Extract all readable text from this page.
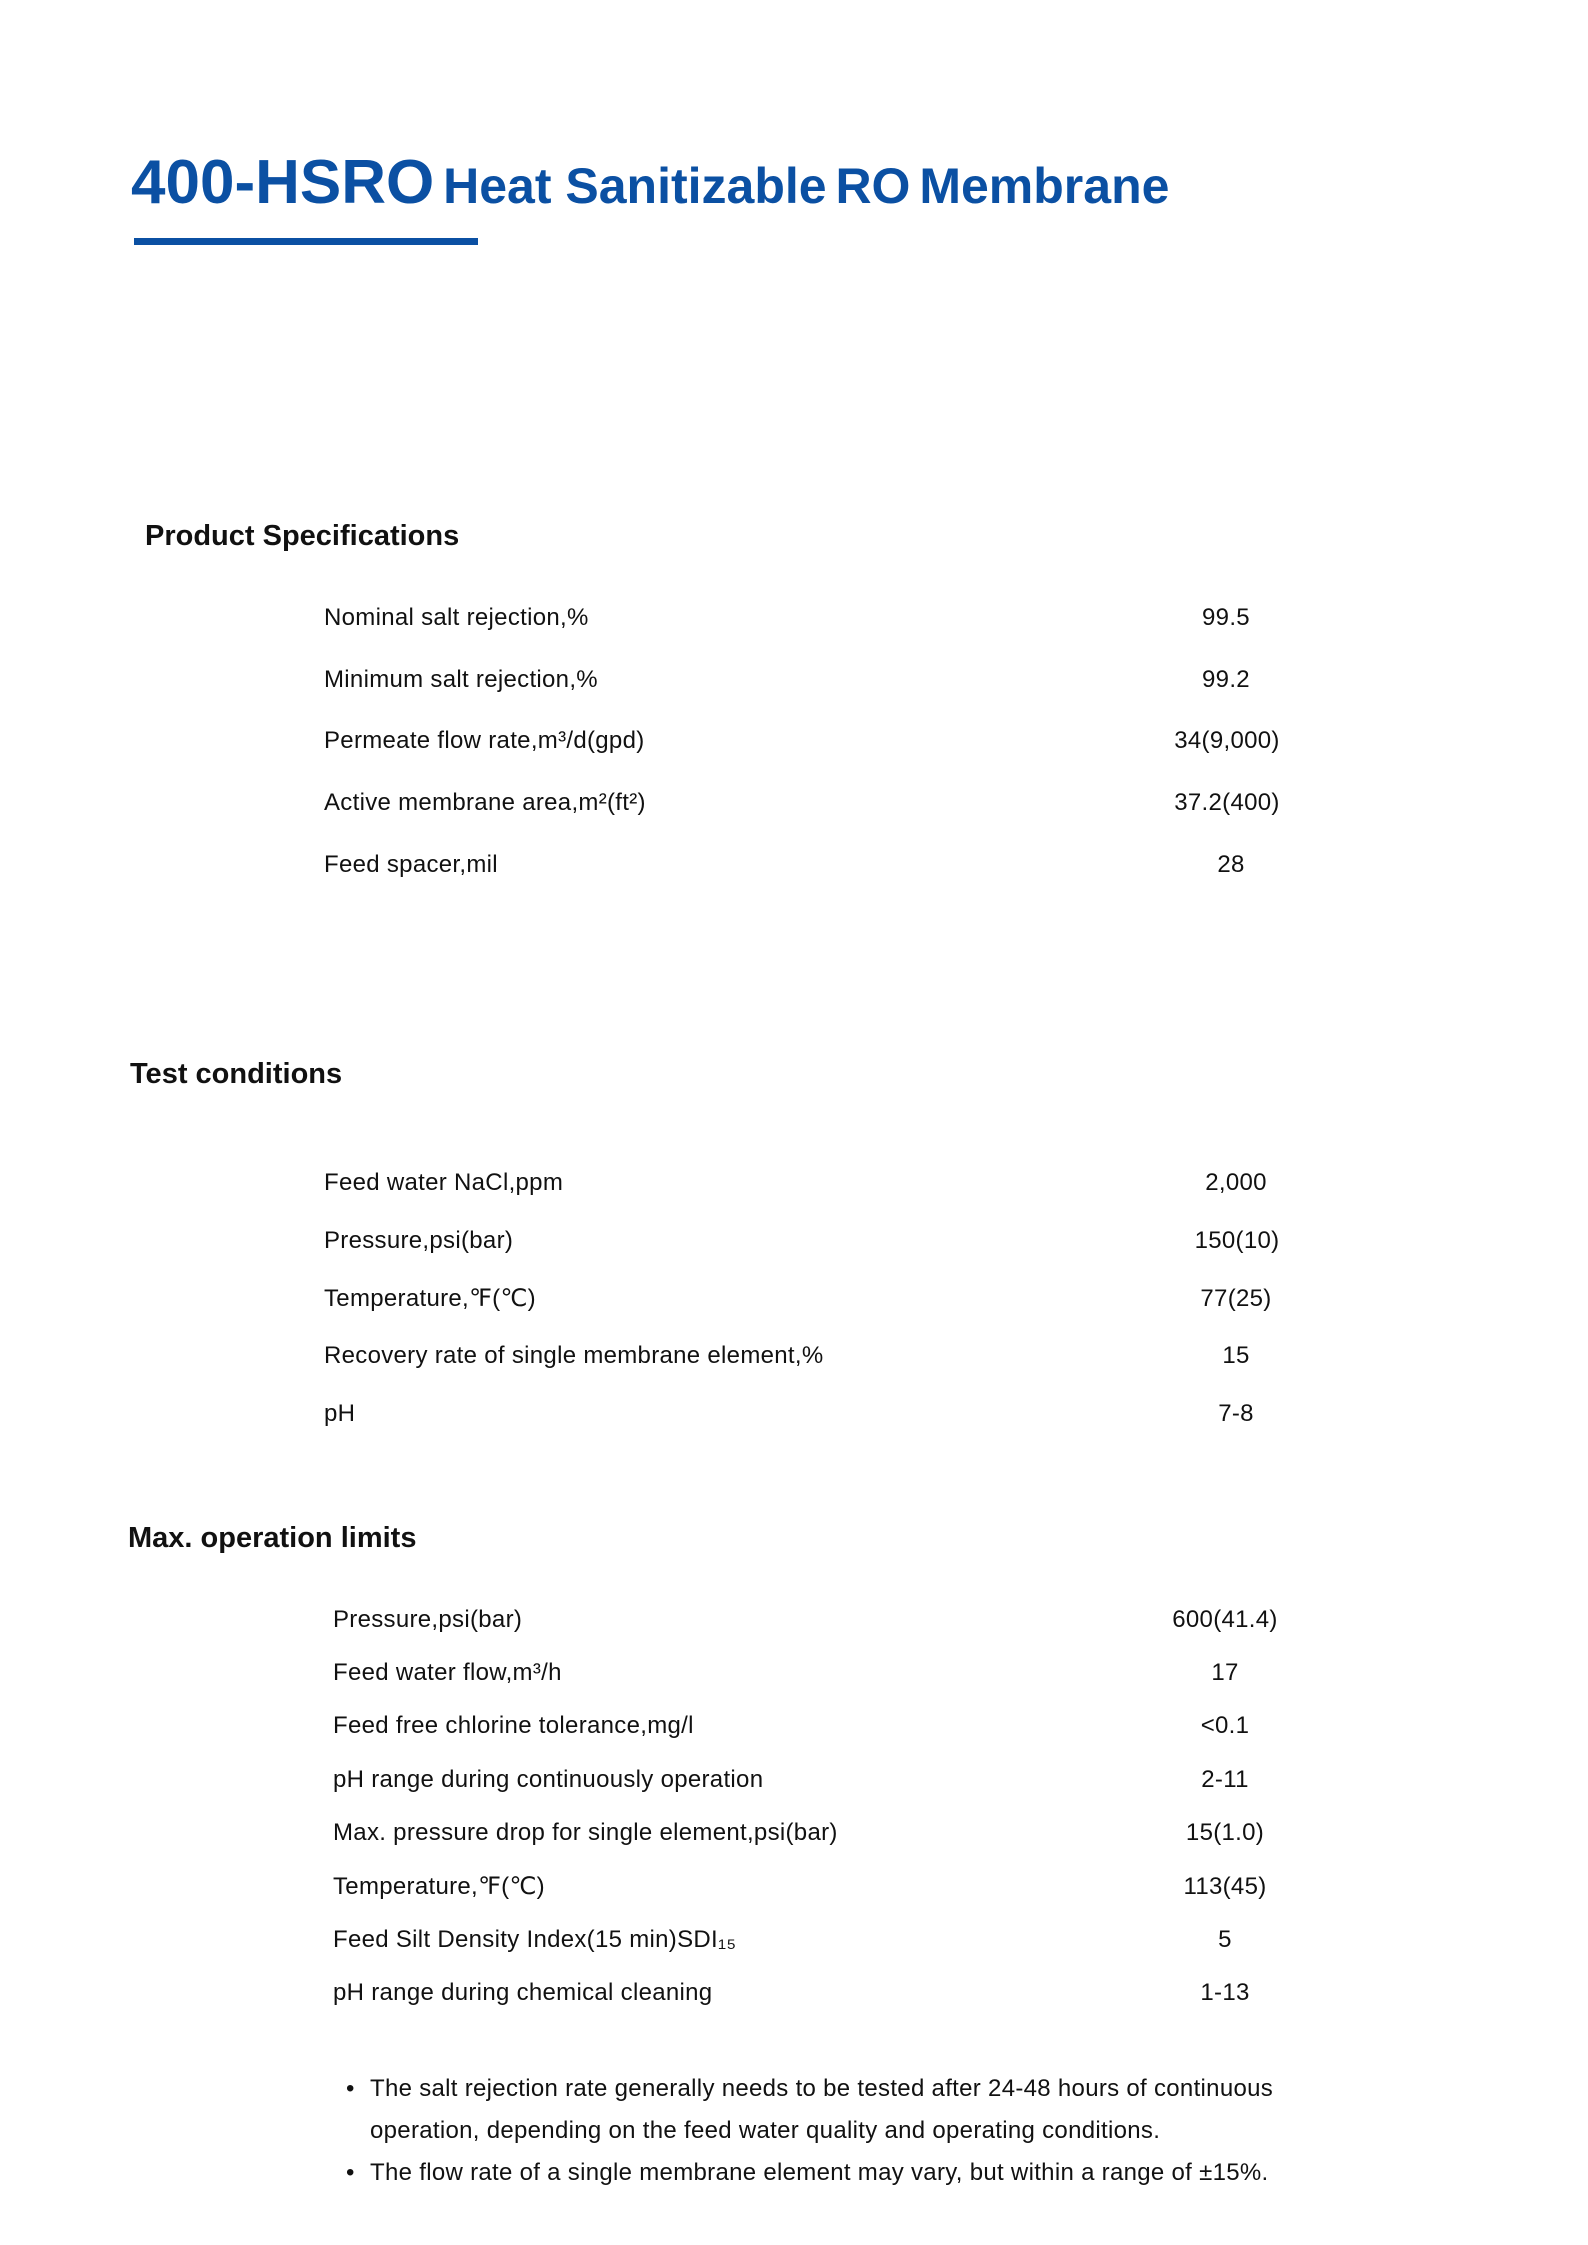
400-HSRO Heat Sanitizable RO Membrane
Product Specifications
Nominal salt rejection,%	99.5
Minimum salt rejection,%	99.2
Permeate flow rate,m³/d(gpd)	34(9,000)
Active membrane area,m²(ft²)	37.2(400)
Feed spacer,mil	28
Test conditions
Feed water NaCl,ppm	2,000
Pressure,psi(bar)	150(10)
Temperature,℉(℃)	77(25)
Recovery rate of single membrane element,%	15
pH	7-8
Max. operation limits
Pressure,psi(bar)	600(41.4)
Feed water flow,m³/h	17
Feed free chlorine tolerance,mg/l	<0.1
pH range during continuously operation	2-11
Max. pressure drop for single element,psi(bar)	15(1.0)
Temperature,℉(℃)	113(45)
Feed Silt Density Index(15 min)SDI₁₅	5
pH range during chemical cleaning	1-13
• The salt rejection rate generally needs to be tested after 24-48 hours of continuous operation, depending on the feed water quality and operating conditions.
• The flow rate of a single membrane element may vary, but within a range of ±15%.
